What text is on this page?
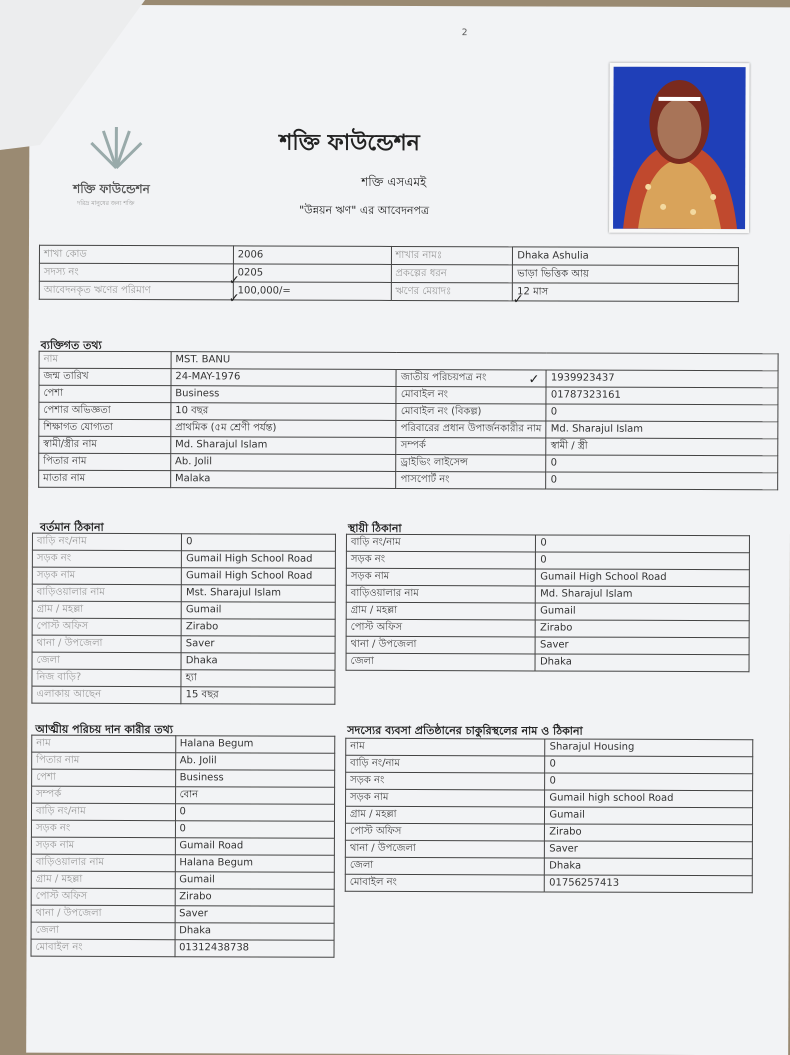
2
শক্তি ফাউন্ডেশন
দরিদ্র মানুষের জন্য শক্তি
শক্তি ফাউন্ডেশন
শক্তি এসএমই
"উন্নয়ন ঋণ" এর আবেদনপত্র
শাখা কোড	2006	শাখার নামঃ	Dhaka Ashulia
সদস্য নং	0205	প্রকল্পের ধরন	ভাড়া ভিত্তিক আয়
আবেদনকৃত ঋণের পরিমাণ	100,000/=	ঋণের মেয়াদঃ	12 মাস
✓
✓	✓
ব্যক্তিগত তথ্য
নাম	MST. BANU		
জন্ম তারিখ	24-MAY-1976	জাতীয় পরিচয়পত্র নং	1939923437
পেশা	Business	মোবাইল নং	01787323161
পেশার অভিজ্ঞতা	10 বছর	মোবাইল নং (বিকল্প)	0
শিক্ষাগত যোগ্যতা	প্রাথমিক (৫ম শ্রেণী পর্যন্ত)	পরিবারের প্রধান উপার্জনকারীর নাম	Md. Sharajul Islam
স্বামী/স্ত্রীর নাম	Md. Sharajul Islam	সম্পর্ক	স্বামী / স্ত্রী
পিতার নাম	Ab. Jolil	ড্রাইভিং লাইসেন্স	0
মাতার নাম	Malaka	পাসপোর্ট নং	0
✓
বর্তমান ঠিকানা
বাড়ি নং/নাম	0
সড়ক নং	Gumail High School Road
সড়ক নাম	Gumail High School Road
বাড়িওয়ালার নাম	Mst. Sharajul Islam
গ্রাম / মহল্লা	Gumail
পোস্ট অফিস	Zirabo
থানা / উপজেলা	Saver
জেলা	Dhaka
নিজ বাড়ি?	হ্যা
এলাকায় আছেন	15 বছর
স্থায়ী ঠিকানা
বাড়ি নং/নাম	0
সড়ক নং	0
সড়ক নাম	Gumail High School Road
বাড়িওয়ালার নাম	Md. Sharajul Islam
গ্রাম / মহল্লা	Gumail
পোস্ট অফিস	Zirabo
থানা / উপজেলা	Saver
জেলা	Dhaka
আত্মীয় পরিচয় দান কারীর তথ্য
নাম	Halana Begum
পিতার নাম	Ab. Jolil
পেশা	Business
সম্পর্ক	বোন
বাড়ি নং/নাম	0
সড়ক নং	0
সড়ক নাম	Gumail Road
বাড়িওয়ালার নাম	Halana Begum
গ্রাম / মহল্লা	Gumail
পোস্ট অফিস	Zirabo
থানা / উপজেলা	Saver
জেলা	Dhaka
মোবাইল নং	01312438738
সদস্যের ব্যবসা প্রতিষ্ঠানের চাকুরিস্থলের নাম ও ঠিকানা
নাম	Sharajul Housing
বাড়ি নং/নাম	0
সড়ক নং	0
সড়ক নাম	Gumail high school Road
গ্রাম / মহল্লা	Gumail
পোস্ট অফিস	Zirabo
থানা / উপজেলা	Saver
জেলা	Dhaka
মোবাইল নং	01756257413
